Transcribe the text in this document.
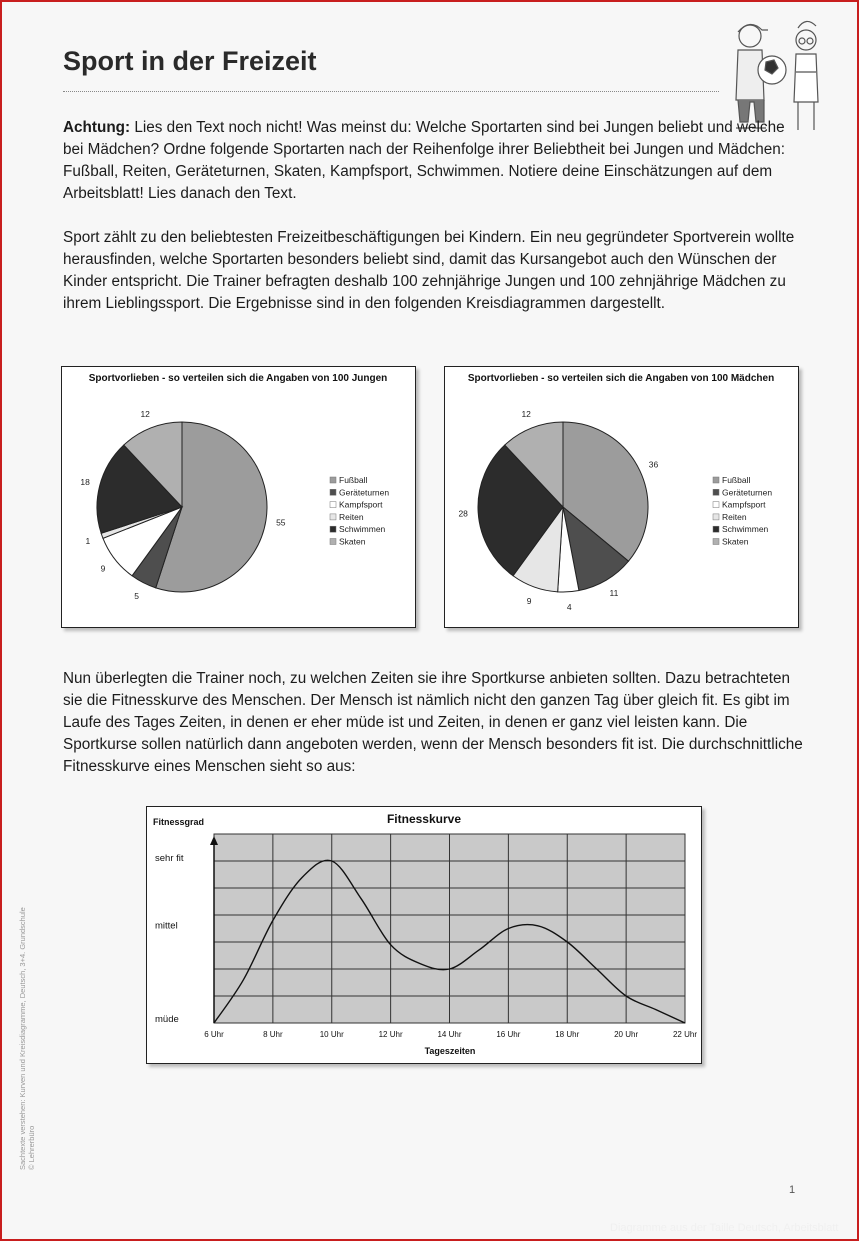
Sport in der Freizeit

Achtung: Lies den Text noch nicht! Was meinst du: Welche Sportarten sind bei Jungen beliebt und welche bei Mädchen? Ordne folgende Sportarten nach der Reihenfolge ihrer Beliebtheit bei Jungen und Mädchen: Fußball, Reiten, Geräteturnen, Skaten, Kampfsport, Schwimmen. Notiere deine Einschätzungen auf dem Arbeitsblatt! Lies danach den Text.

Sport zählt zu den beliebtesten Freizeitbeschäftigungen bei Kindern. Ein neu gegründeter Sportverein wollte herausfinden, welche Sportarten besonders beliebt sind, damit das Kursangebot auch den Wünschen der Kinder entspricht. Die Trainer befragten deshalb 100 zehnjährige Jungen und 100 zehnjährige Mädchen zu ihrem Lieblingssport. Die Ergebnisse sind in den folgenden Kreisdiagrammen dargestellt.

Sportvorlieben - so verteilen sich die Angaben von 100 Jungen
55
5
9
1
18
12
Fußball
Geräteturnen
Kampfsport
Reiten
Schwimmen
Skaten
Sportvorlieben - so verteilen sich die Angaben von 100 Mädchen
36
11
4
9
28
12
Fußball
Geräteturnen
Kampfsport
Reiten
Schwimmen
Skaten

Nun überlegten die Trainer noch, zu welchen Zeiten sie ihre Sportkurse anbieten sollten. Dazu betrachteten sie die Fitnesskurve des Menschen. Der Mensch ist nämlich nicht den ganzen Tag über gleich fit. Es gibt im Laufe des Tages Zeiten, in denen er eher müde ist und Zeiten, in denen er ganz viel leisten kann. Die Sportkurse sollen natürlich dann angeboten werden, wenn der Mensch besonders fit ist. Die durchschnittliche Fitnesskurve eines Menschen sieht so aus:

Fitnesskurve
Fitnessgrad
müde
mittel
sehr fit
6 Uhr	8 Uhr	10 Uhr	12 Uhr	14 Uhr	16 Uhr	18 Uhr	20 Uhr	22 Uhr
Tageszeiten
Sachtexte verstehen: Kurven und Kreisdiagramme, Deutsch, 3+4. Grundschule © Lehrerbüro
1
Diagramme aus der Taille Deutsch, Arbeitsblatt
